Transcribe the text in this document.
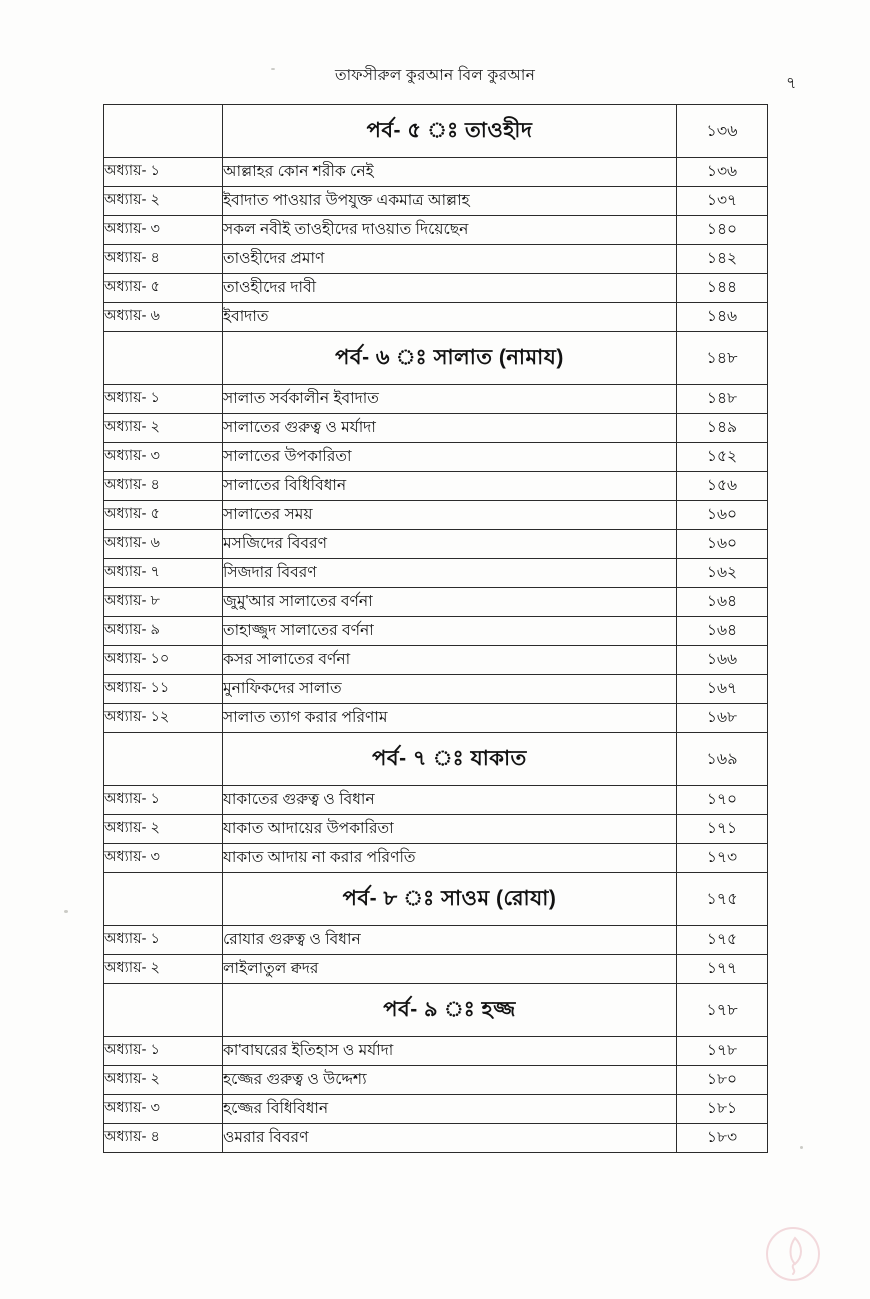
তাফসীরুল কুরআন বিল কুরআন	৭
	পর্ব- ৫ ঃ তাওহীদ	১৩৬
অধ্যায়- ১	আল্লাহর কোন শরীক নেই	১৩৬
অধ্যায়- ২	ইবাদাত পাওয়ার উপযুক্ত একমাত্র আল্লাহ	১৩৭
অধ্যায়- ৩	সকল নবীই তাওহীদের দাওয়াত দিয়েছেন	১৪০
অধ্যায়- ৪	তাওহীদের প্রমাণ	১৪২
অধ্যায়- ৫	তাওহীদের দাবী	১৪৪
অধ্যায়- ৬	ইবাদাত	১৪৬
	পর্ব- ৬ ঃ সালাত (নামায)	১৪৮
অধ্যায়- ১	সালাত সর্বকালীন ইবাদাত	১৪৮
অধ্যায়- ২	সালাতের গুরুত্ব ও মর্যাদা	১৪৯
অধ্যায়- ৩	সালাতের উপকারিতা	১৫২
অধ্যায়- ৪	সালাতের বিধিবিধান	১৫৬
অধ্যায়- ৫	সালাতের সময়	১৬০
অধ্যায়- ৬	মসজিদের বিবরণ	১৬০
অধ্যায়- ৭	সিজদার বিবরণ	১৬২
অধ্যায়- ৮	জুমু'আর সালাতের বর্ণনা	১৬৪
অধ্যায়- ৯	তাহাজ্জুদ সালাতের বর্ণনা	১৬৪
অধ্যায়- ১০	কসর সালাতের বর্ণনা	১৬৬
অধ্যায়- ১১	মুনাফিকদের সালাত	১৬৭
অধ্যায়- ১২	সালাত ত্যাগ করার পরিণাম	১৬৮
	পর্ব- ৭ ঃ যাকাত	১৬৯
অধ্যায়- ১	যাকাতের গুরুত্ব ও বিধান	১৭০
অধ্যায়- ২	যাকাত আদায়ের উপকারিতা	১৭১
অধ্যায়- ৩	যাকাত আদায় না করার পরিণতি	১৭৩
	পর্ব- ৮ ঃ সাওম (রোযা)	১৭৫
অধ্যায়- ১	রোযার গুরুত্ব ও বিধান	১৭৫
অধ্যায়- ২	লাইলাতুল ক্বদর	১৭৭
	পর্ব- ৯ ঃ হজ্জ	১৭৮
অধ্যায়- ১	কা'বাঘরের ইতিহাস ও মর্যাদা	১৭৮
অধ্যায়- ২	হজ্জের গুরুত্ব ও উদ্দেশ্য	১৮০
অধ্যায়- ৩	হজ্জের বিধিবিধান	১৮১
অধ্যায়- ৪	ওমরার বিবরণ	১৮৩
